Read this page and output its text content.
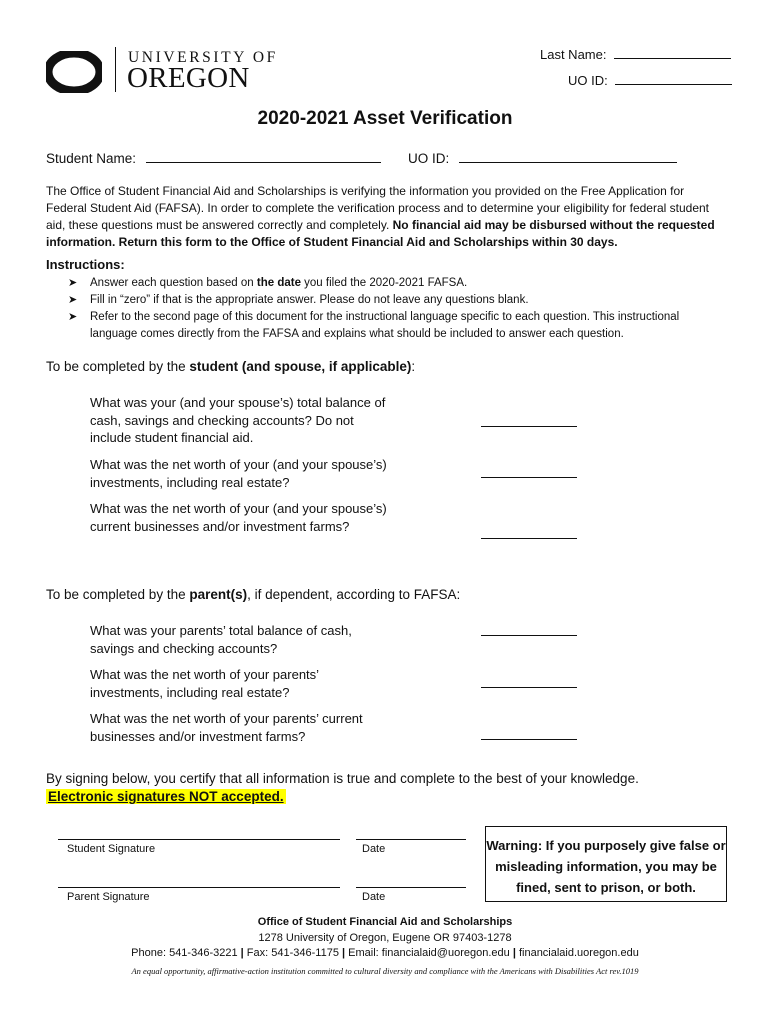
UNIVERSITY OF
OREGON
Last Name:
UO ID:
2020-2021 Asset Verification
Student Name:	UO ID:
The Office of Student Financial Aid and Scholarships is verifying the information you provided on the Free Application for Federal Student Aid (FAFSA). In order to complete the verification process and to determine your eligibility for federal student aid, these questions must be answered correctly and completely. No financial aid may be disbursed without the requested information. Return this form to the Office of Student Financial Aid and Scholarships within 30 days.
Instructions:
➤ Answer each question based on the date you filed the 2020-2021 FAFSA.
➤ Fill in “zero” if that is the appropriate answer. Please do not leave any questions blank.
➤ Refer to the second page of this document for the instructional language specific to each question. This instructional language comes directly from the FAFSA and explains what should be included to answer each question.
To be completed by the student (and spouse, if applicable):
What was your (and your spouse’s) total balance of cash, savings and checking accounts? Do not include student financial aid.
What was the net worth of your (and your spouse’s) investments, including real estate?
What was the net worth of your (and your spouse’s) current businesses and/or investment farms?
To be completed by the parent(s), if dependent, according to FAFSA:
What was your parents’ total balance of cash, savings and checking accounts?
What was the net worth of your parents’ investments, including real estate?
What was the net worth of your parents’ current businesses and/or investment farms?
By signing below, you certify that all information is true and complete to the best of your knowledge.
Electronic signatures NOT accepted.
Student Signature	Date
Parent Signature	Date
Warning: If you purposely give false or
misleading information, you may be
fined, sent to prison, or both.
Office of Student Financial Aid and Scholarships
1278 University of Oregon, Eugene OR 97403-1278
Phone: 541-346-3221 | Fax: 541-346-1175 | Email: financialaid@uoregon.edu | financialaid.uoregon.edu
An equal opportunity, affirmative-action institution committed to cultural diversity and compliance with the Americans with Disabilities Act rev.1019
